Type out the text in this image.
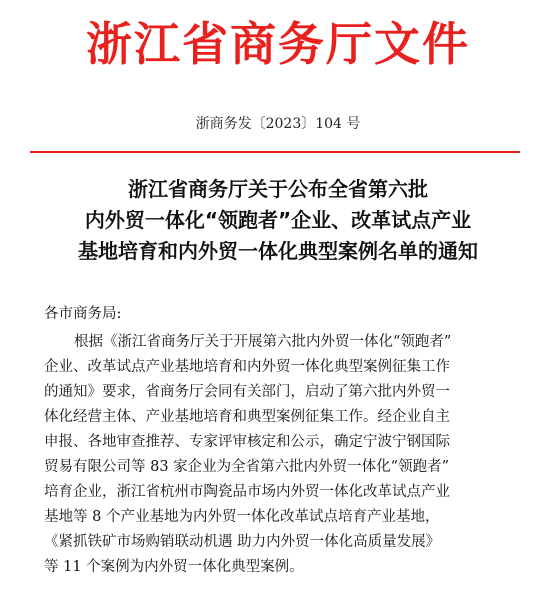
浙江省商务厅文件
浙商务发〔2023〕104 号
浙江省商务厅关于公布全省第六批
内外贸一体化“领跑者”企业、改革试点产业
基地培育和内外贸一体化典型案例名单的通知
各市商务局:
根据《浙江省商务厅关于开展第六批内外贸一体化“领跑者”
企业、改革试点产业基地培育和内外贸一体化典型案例征集工作
的通知》要求，省商务厅会同有关部门，启动了第六批内外贸一
体化经营主体、产业基地培育和典型案例征集工作。经企业自主
申报、各地审查推荐、专家评审核定和公示，确定宁波宁钢国际
贸易有限公司等 83 家企业为全省第六批内外贸一体化“领跑者”
培育企业，浙江省杭州市陶瓷品市场内外贸一体化改革试点产业
基地等 8 个产业基地为内外贸一体化改革试点培育产业基地，
《紧抓铁矿市场购销联动机遇 助力内外贸一体化高质量发展》
等 11 个案例为内外贸一体化典型案例。
